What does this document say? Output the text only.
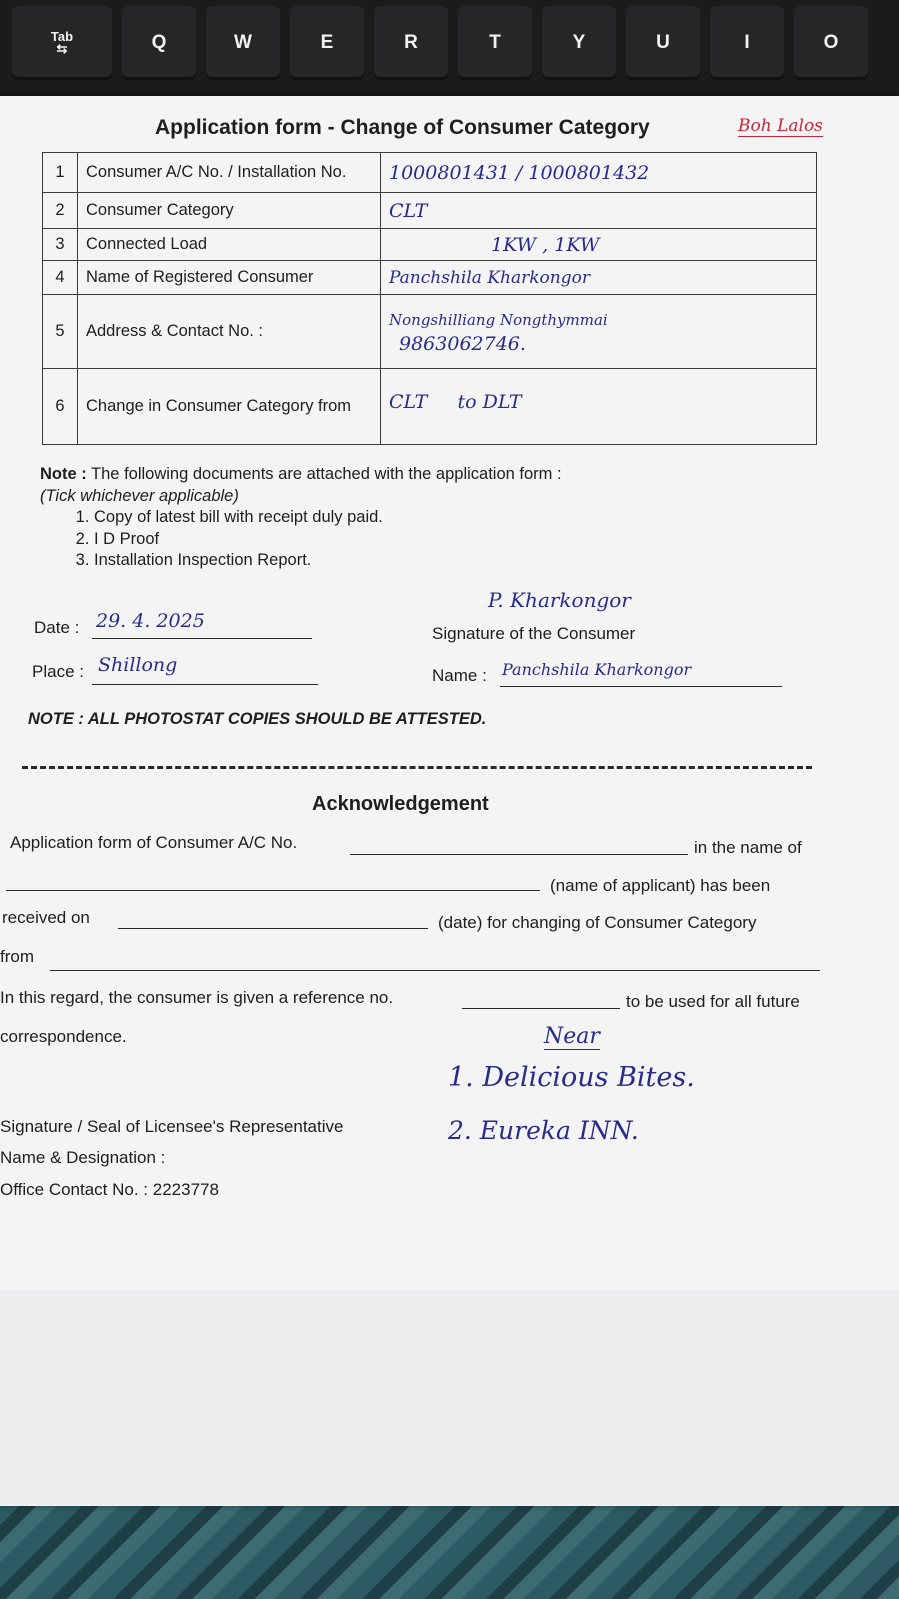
Tab
⇆	Q	W	E	R	T	Y	U	I	O
Application form - Change of Consumer Category	Boh Lalos
1	Consumer A/C No. / Installation No.	1000801431 / 1000801432
2	Consumer Category	CLT
3	Connected Load	1KW , 1KW
4	Name of Registered Consumer	Panchshila Kharkongor
5	Address & Contact No. :	Nongshilliang Nongthymmai
9863062746.

6	Change in Consumer Category from	CLT     to DLT
Note : The following documents are attached with the application form :
(Tick whichever applicable)
1. Copy of latest bill with receipt duly paid.
2. I D Proof
3. Installation Inspection Report.
Date : 29. 4. 2025
P. Kharkongor
Signature of the Consumer
Place : Shillong	Name : Panchshila Kharkongor
NOTE : ALL PHOTOSTAT COPIES SHOULD BE ATTESTED.
Acknowledgement
Application form of Consumer A/C No.	in the name of
(name of applicant) has been
received on	(date) for changing of Consumer Category
from
In this regard, the consumer is given a reference no.	to be used for all future
correspondence.	Near
1. Delicious Bites.
2. Eureka INN.
Signature / Seal of Licensee's Representative
Name & Designation :
Office Contact No. : 2223778
